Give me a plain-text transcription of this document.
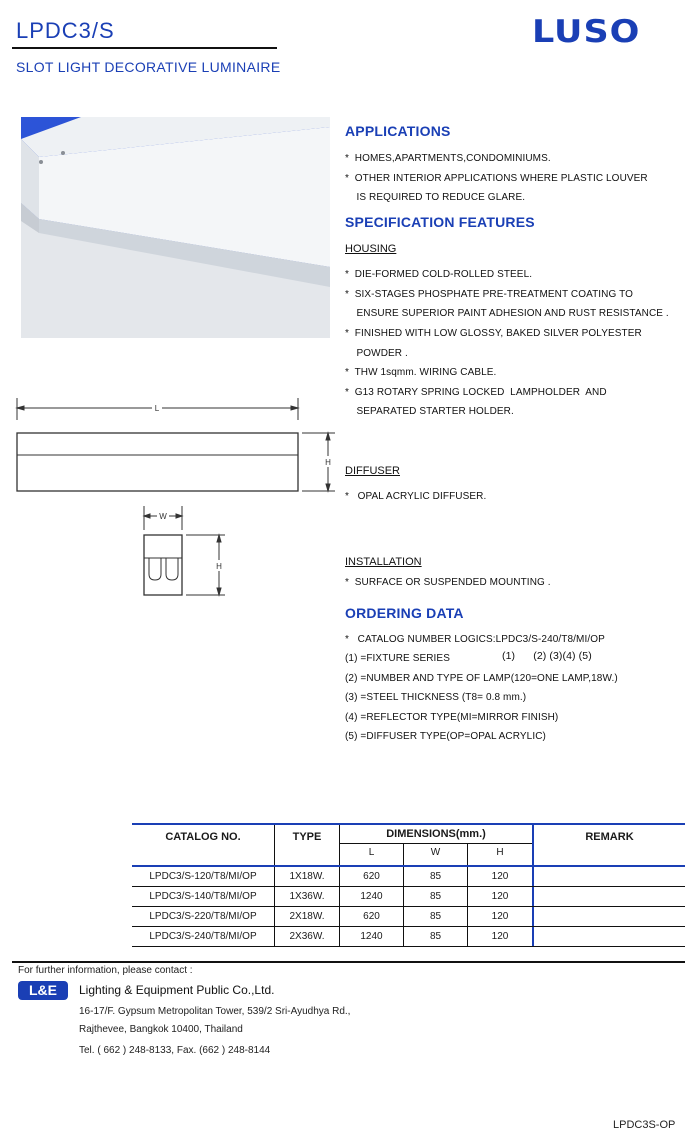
LPDC3/S
SLOT LIGHT DECORATIVE LUMINAIRE
LUSO
L
H
W
H
APPLICATIONS
*  HOMES,APARTMENTS,CONDOMINIUMS.
*  OTHER INTERIOR APPLICATIONS WHERE PLASTIC LOUVER
IS REQUIRED TO REDUCE GLARE.
SPECIFICATION FEATURES
HOUSING
*  DIE-FORMED COLD-ROLLED STEEL.
*  SIX-STAGES PHOSPHATE PRE-TREATMENT COATING TO
ENSURE SUPERIOR PAINT ADHESION AND RUST RESISTANCE .
*  FINISHED WITH LOW GLOSSY, BAKED SILVER POLYESTER
POWDER .
*  THW 1sqmm. WIRING CABLE.
*  G13 ROTARY SPRING LOCKED  LAMPHOLDER  AND
SEPARATED STARTER HOLDER.
DIFFUSER
*   OPAL ACRYLIC DIFFUSER.
INSTALLATION
*  SURFACE OR SUSPENDED MOUNTING .
ORDERING DATA
*   CATALOG NUMBER LOGICS:LPDC3/S-240/T8/MI/OP
(1)      (2) (3)(4) (5)
(1) =FIXTURE SERIES
(2) =NUMBER AND TYPE OF LAMP(120=ONE LAMP,18W.)
(3) =STEEL THICKNESS (T8= 0.8 mm.)
(4) =REFLECTOR TYPE(MI=MIRROR FINISH)
(5) =DIFFUSER TYPE(OP=OPAL ACRYLIC)
CATALOG NO.	TYPE	DIMENSIONS(mm.)
L	W	H
REMARK
LPDC3/S-120/T8/MI/OP	1X18W.	620	85	120
LPDC3/S-140/T8/MI/OP	1X36W.	1240	85	120
LPDC3/S-220/T8/MI/OP	2X18W.	620	85	120
LPDC3/S-240/T8/MI/OP	2X36W.	1240	85	120
For further information, please contact :
L&E	Lighting & Equipment Public Co.,Ltd.
16-17/F. Gypsum Metropolitan Tower, 539/2 Sri-Ayudhya Rd.,
Rajthevee, Bangkok 10400, Thailand
Tel. ( 662 ) 248-8133, Fax. (662 ) 248-8144
LPDC3S-OP
